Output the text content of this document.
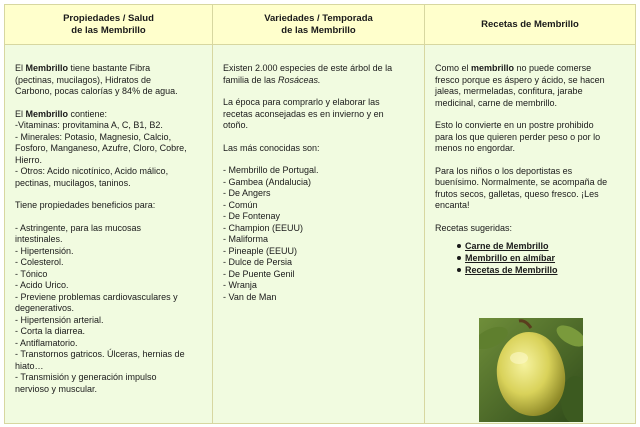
Propiedades / Salud
de las Membrillo
Variedades / Temporada
de las Membrillo
Recetas de Membrillo

El Membrillo tiene bastante Fibra
(pectinas, mucilagos), Hidratos de
Carbono, pocas calorías y 84% de agua.

El Membrillo contiene:
-Vitaminas: provitamina A, C, B1, B2.
- Minerales: Potasio, Magnesio, Calcio,
Fosforo, Manganeso, Azufre, Cloro, Cobre,
Hierro.
- Otros: Acido nicotínico, Acido málico,
pectinas, mucilagos, taninos.

Tiene propiedades beneficios para:

- Astringente, para las mucosas
intestinales.
- Hipertensión.
- Colesterol.
- Tónico
- Acido Urico.
- Previene problemas cardiovasculares y
degenerativos.
- Hipertensión arterial.
- Corta la diarrea.
- Antiflamatorio.
- Transtornos gatricos. Úlceras, hernias de
hiato…
- Transmisión y generación impulso
nervioso y muscular.

Existen 2.000 especies de este árbol de la
familia de las Rosáceas.

La época para comprarlo y elaborar las
recetas aconsejadas es en invierno y en
otoño.

Las más conocidas son:

- Membrillo de Portugal.
- Gambea (Andalucia)
- De Angers
- Común
- De Fontenay
- Champion (EEUU)
- Maliforma
- Pineaple (EEUU)
- Dulce de Persia
- De Puente Genil
- Wranja
- Van de Man

Como el membrillo no puede comerse
fresco porque es áspero y ácido, se hacen
jaleas, mermeladas, confitura, jarabe
medicinal, carne de membrillo.

Esto lo convierte en un postre prohibido
para los que quieren perder peso o por lo
menos no engordar.

Para los niños o los deportistas es
buenísimo. Normalmente, se acompaña de
frutos secos, galletas, queso fresco. ¡Les
encanta!

Recetas sugeridas:

Carne de Membrillo
Membrillo en almíbar
Recetas de Membrillo
